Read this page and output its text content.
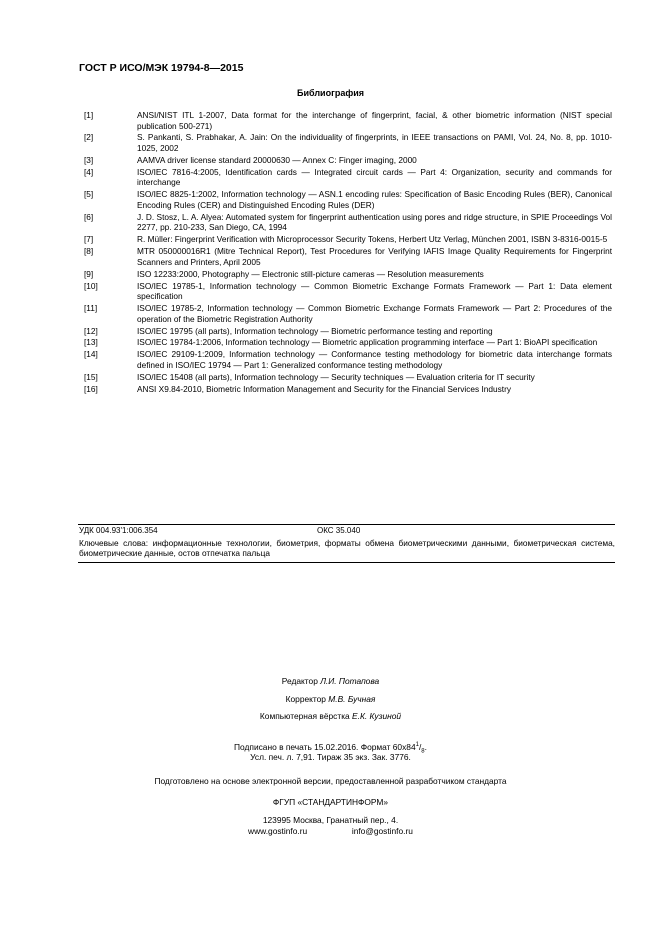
ГОСТ Р ИСО/МЭК 19794-8—2015
Библиография
[1]	ANSI/NIST ITL 1-2007, Data format for the interchange of fingerprint, facial, & other biometric information (NIST special publication 500-271)
[2]	S. Pankanti, S. Prabhakar, A. Jain: On the individuality of fingerprints, in IEEE transactions on PAMI, Vol. 24, No. 8, pp. 1010-1025, 2002
[3]	AAMVA driver license standard 20000630 — Annex C: Finger imaging, 2000
[4]	ISO/IEC 7816-4:2005, Identification cards — Integrated circuit cards — Part 4: Organization, security and commands for interchange
[5]	ISO/IEC 8825-1:2002, Information technology — ASN.1 encoding rules: Specification of Basic Encoding Rules (BER), Canonical Encoding Rules (CER) and Distinguished Encoding Rules (DER)
[6]	J. D. Stosz, L. A. Alyea: Automated system for fingerprint authentication using pores and ridge structure, in SPIE Proceedings Vol 2277, pp. 210-233, San Diego, CA, 1994
[7]	R. Müller: Fingerprint Verification with Microprocessor Security Tokens, Herbert Utz Verlag, München 2001, ISBN 3-8316-0015-5
[8]	MTR 050000016R1 (Mitre Technical Report), Test Procedures for Verifying IAFIS Image Quality Requirements for Fingerprint Scanners and Printers, April 2005
[9]	ISO 12233:2000, Photography — Electronic still-picture cameras — Resolution measurements
[10]	ISO/IEC 19785-1, Information technology — Common Biometric Exchange Formats Framework — Part 1: Data element specification
[11]	ISO/IEC 19785-2, Information technology — Common Biometric Exchange Formats Framework — Part 2: Procedures of the operation of the Biometric Registration Authority
[12]	ISO/IEC 19795 (all parts), Information technology — Biometric performance testing and reporting
[13]	ISO/IEC 19784-1:2006, Information technology — Biometric application programming interface — Part 1: BioAPI specification
[14]	ISO/IEC 29109-1:2009, Information technology — Conformance testing methodology for biometric data interchange formats defined in ISO/IEC 19794 — Part 1: Generalized conformance testing methodology
[15]	ISO/IEC 15408 (all parts), Information technology — Security techniques — Evaluation criteria for IT security
[16]	ANSI X9.84-2010, Biometric Information Management and Security for the Financial Services Industry
УДК 004.93'1:006.354	ОКС 35.040
Ключевые слова: информационные технологии, биометрия, форматы обмена биометрическими данными, биометрическая система, биометрические данные, остов отпечатка пальца
Редактор Л.И. Потапова
Корректор М.В. Бучная
Компьютерная вёрстка Е.К. Кузиной
Подписано в печать 15.02.2016. Формат $60x84^1/_8$.
Усл. печ. л. 7,91. Тираж 35 экз. Зак. 3776.
Подготовлено на основе электронной версии, предоставленной разработчиком стандарта
ФГУП «СТАНДАРТИНФОРМ»
123995 Москва, Гранатный пер., 4.
www.gostinfo.ru	info@gostinfo.ru
